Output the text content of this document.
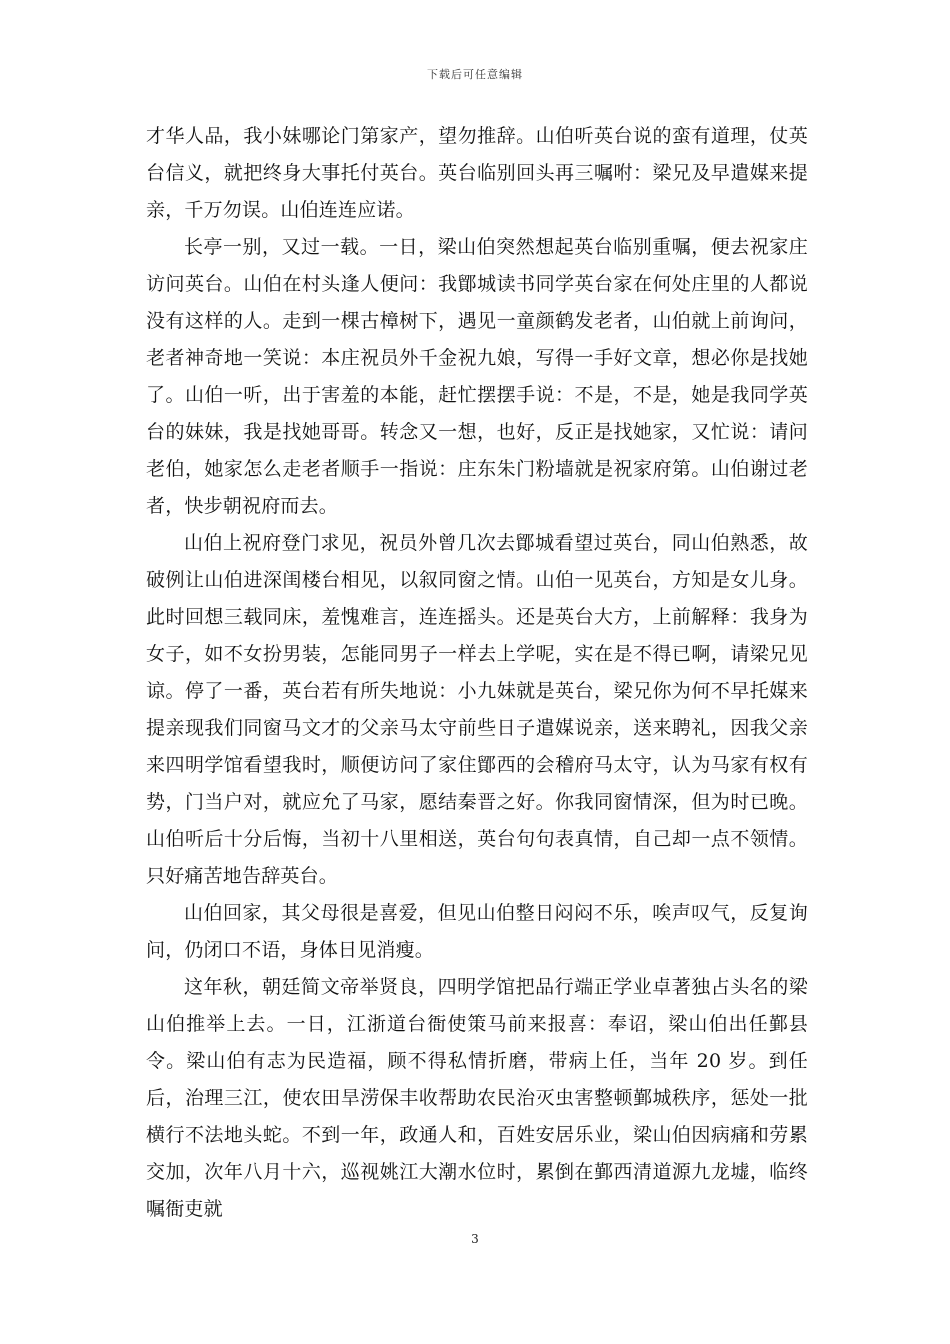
下载后可任意编辑

才华人品，我小妹哪论门第家产，望勿推辞。山伯听英台说的蛮有道理，仗英台信义，就把终身大事托付英台。英台临别回头再三嘱咐：梁兄及早遣媒来提亲，千万勿误。山伯连连应诺。

长亭一别，又过一载。一日，梁山伯突然想起英台临别重嘱，便去祝家庄访问英台。山伯在村头逢人便问：我鄮城读书同学英台家在何处庄里的人都说没有这样的人。走到一棵古樟树下，遇见一童颜鹤发老者，山伯就上前询问，老者神奇地一笑说：本庄祝员外千金祝九娘，写得一手好文章，想必你是找她了。山伯一听，出于害羞的本能，赶忙摆摆手说：不是，不是，她是我同学英台的妹妹，我是找她哥哥。转念又一想，也好，反正是找她家，又忙说：请问老伯，她家怎么走老者顺手一指说：庄东朱门粉墙就是祝家府第。山伯谢过老者，快步朝祝府而去。

山伯上祝府登门求见，祝员外曾几次去鄮城看望过英台，同山伯熟悉，故破例让山伯进深闺楼台相见，以叙同窗之情。山伯一见英台，方知是女儿身。此时回想三载同床，羞愧难言，连连摇头。还是英台大方，上前解释：我身为女子，如不女扮男装，怎能同男子一样去上学呢，实在是不得已啊，请梁兄见谅。停了一番，英台若有所失地说：小九妹就是英台，梁兄你为何不早托媒来提亲现我们同窗马文才的父亲马太守前些日子遣媒说亲，送来聘礼，因我父亲来四明学馆看望我时，顺便访问了家住鄮西的会稽府马太守，认为马家有权有势，门当户对，就应允了马家，愿结秦晋之好。你我同窗情深，但为时已晚。山伯听后十分后悔，当初十八里相送，英台句句表真情，自己却一点不领情。只好痛苦地告辞英台。

山伯回家，其父母很是喜爱，但见山伯整日闷闷不乐，唉声叹气，反复询问，仍闭口不语，身体日见消瘦。

这年秋，朝廷简文帝举贤良，四明学馆把品行端正学业卓著独占头名的梁山伯推举上去。一日，江浙道台衙使策马前来报喜：奉诏，梁山伯出任鄞县令。梁山伯有志为民造福，顾不得私情折磨，带病上任，当年 20 岁。到任后，治理三江，使农田旱涝保丰收帮助农民治灭虫害整顿鄞城秩序，惩处一批横行不法地头蛇。不到一年，政通人和，百姓安居乐业，梁山伯因病痛和劳累交加，次年八月十六，巡视姚江大潮水位时，累倒在鄞西清道源九龙墟，临终嘱衙吏就

3
